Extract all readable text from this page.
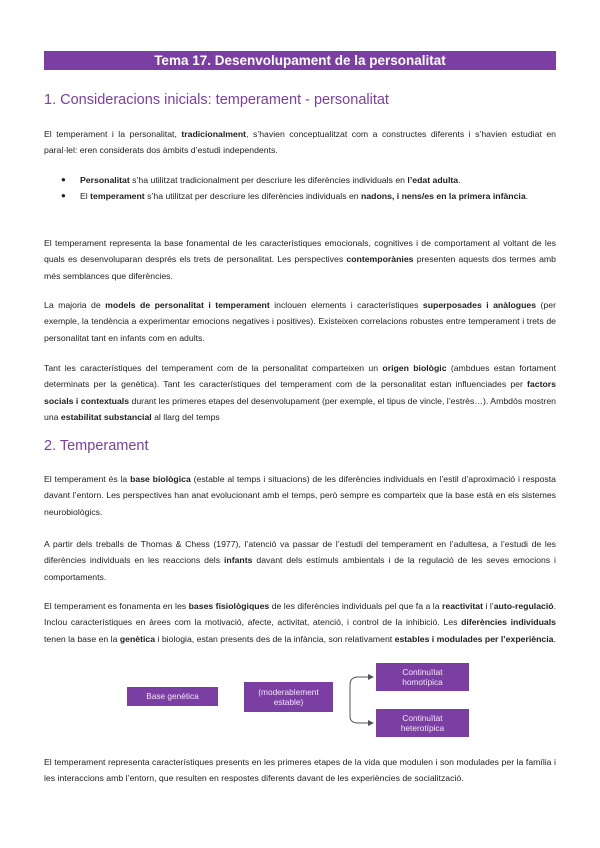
Tema 17. Desenvolupament de la personalitat
1. Consideracions inicials: temperament - personalitat

El temperament i la personalitat, tradicionalment, s’havien conceptualitzat com a constructes diferents i s’havien estudiat en paral·lel: eren considerats dos àmbits d’estudi independents.

● Personalitat s’ha utilitzat tradicionalment per descriure les diferències individuals en l’edat adulta.
● El temperament s’ha utilitzat per descriure les diferències individuals en nadons, i nens/es en la primera infància.

El temperament representa la base fonamental de les característiques emocionals, cognitives i de comportament al voltant de les quals es desenvoluparan després els trets de personalitat. Les perspectives contemporànies presenten aquests dos termes amb més semblances que diferències.

La majoria de models de personalitat i temperament inclouen elements i característiques superposades i anàlogues (per exemple, la tendència a experimentar emocions negatives i positives). Existeixen correlacions robustes entre temperament i trets de personalitat tant en infants com en adults.

Tant les característiques del temperament com de la personalitat comparteixen un origen biològic (ambdues estan fortament determinats per la genètica). Tant les característiques del temperament com de la personalitat estan influenciades per factors socials i contextuals durant les primeres etapes del desenvolupament (per exemple, el tipus de vincle, l’estrès…). Ambdós mostren una estabilitat substancial al llarg del temps

2. Temperament

El temperament és la base biològica (estable al temps i situacions) de les diferències individuals en l’estil d’aproximació i resposta davant l’entorn. Les perspectives han anat evolucionant amb el temps, però sempre es comparteix que la base està en els sistemes neurobiològics.

A partir dels treballs de Thomas & Chess (1977), l’atenció va passar de l’estudi del temperament en l’adultesa, a l’estudi de les diferències individuals en les reaccions dels infants davant dels estímuls ambientals i de la regulació de les seves emocions i comportaments.

El temperament es fonamenta en les bases fisiològiques de les diferències individuals pel que fa a la reactivitat i l’auto-regulació. Inclou característiques en àrees com la motivació, afecte, activitat, atenció, i control de la inhibició. Les diferències individuals tenen la base en la genètica i biologia, estan presents des de la infància, son relativament estables i modulades per l’experiència.

Base genètica	(moderablement estable)
Continuïtat homotípica
Continuïtat heterotípica

El temperament representa característiques presents en les primeres etapes de la vida que modulen i son modulades per la família i les interaccions amb l’entorn, que resulten en respostes diferents davant de les experiències de socialització.
